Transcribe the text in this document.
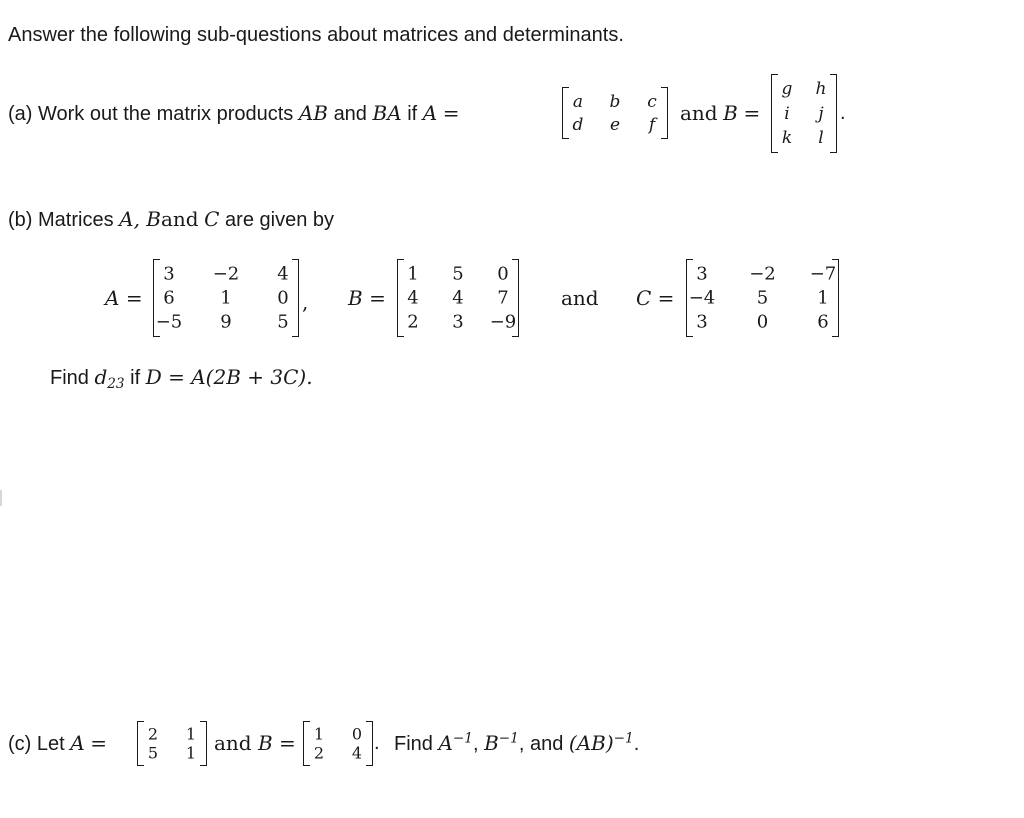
Answer the following sub-questions about matrices and determinants.
(a) Work out the matrix products AB and BA if A =	a b c
d e f and B =
g h
i j
k l
.
(b) Matrices A, Band C are given by
A =
3 −2 4
6	1	0
−5 9	5
, B =
1 5 0
4 4 7
2 3 −9
and C =
3 −2 −7
−4 5	1
3	0	6
Find $d_{23}$ if D = A(2B + 3C).
(c) Let A =	2 1
5 1 and B = 1 0
2 4 . Find $A^{-1}$, $B^{-1}$, and (AB)$^{-1}$.
